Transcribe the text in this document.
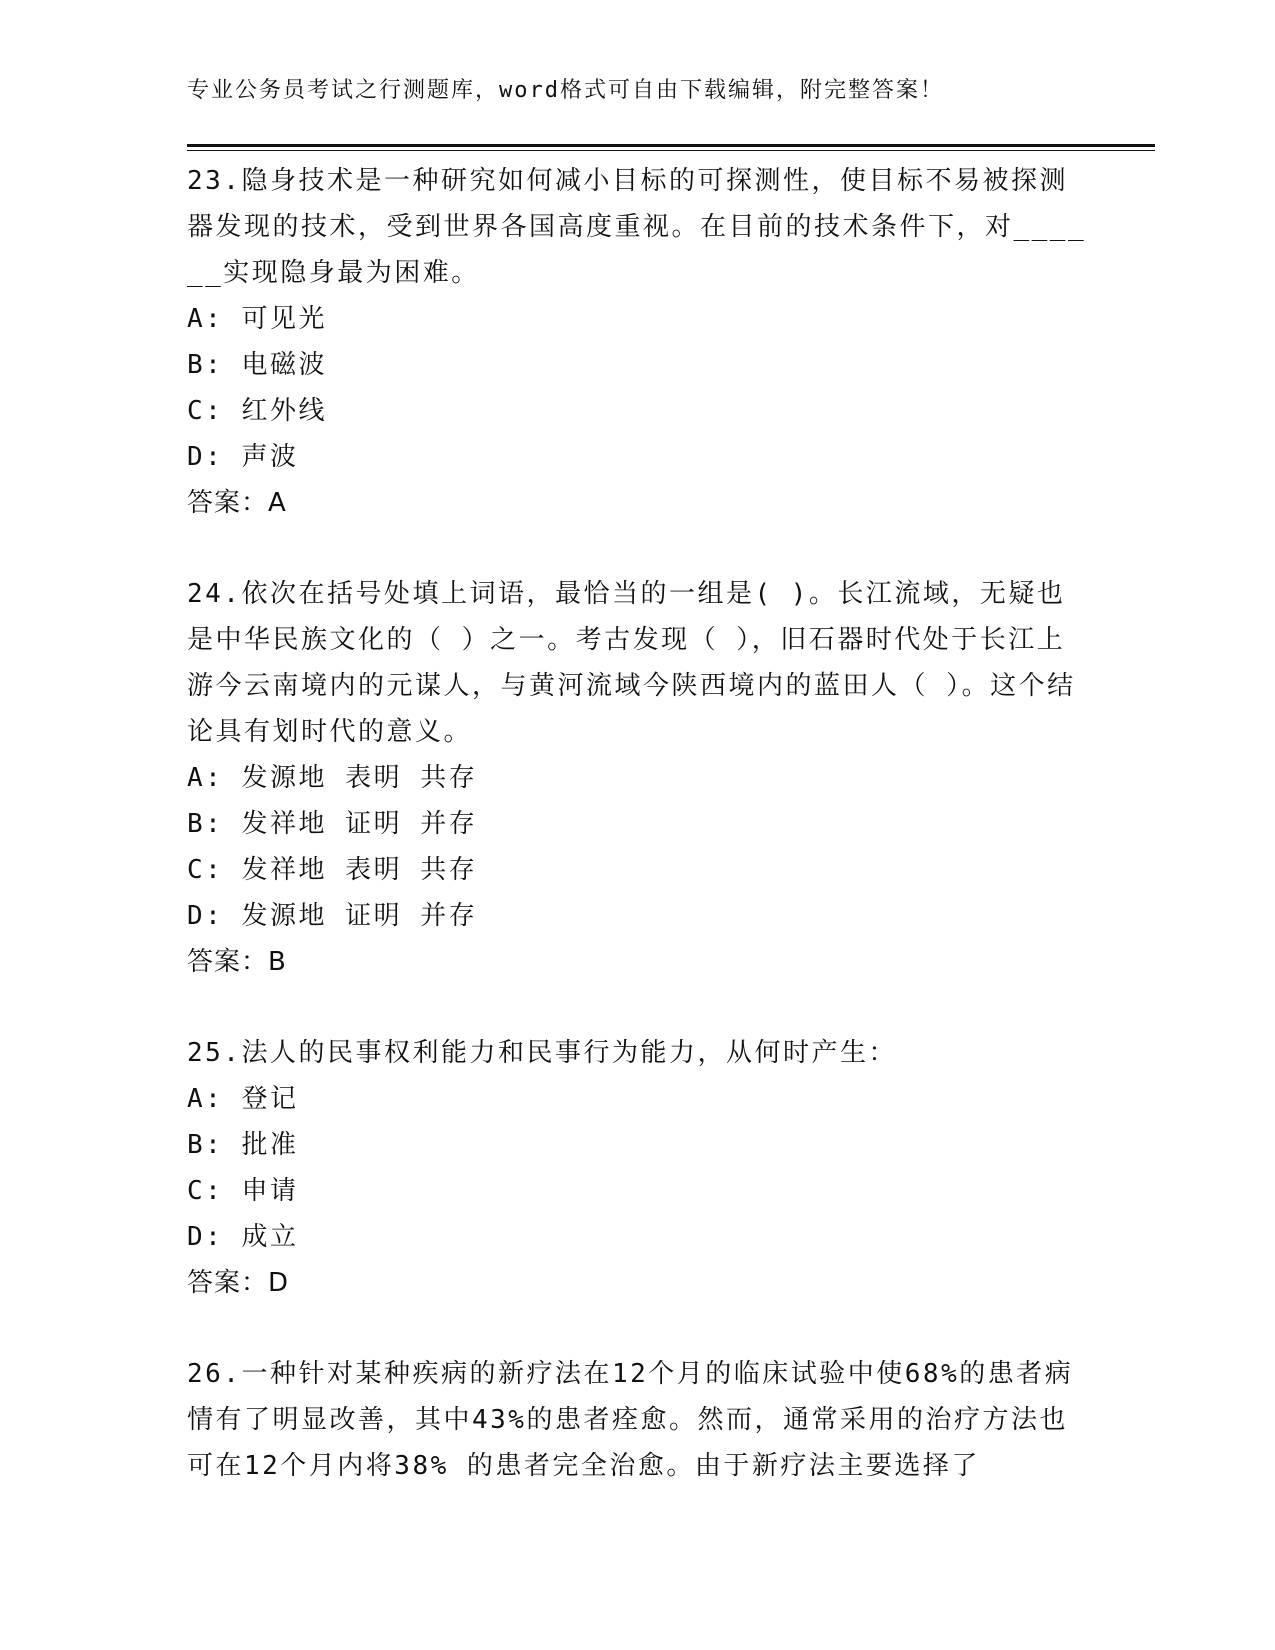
专业公务员考试之行测题库，word格式可自由下载编辑，附完整答案！

23.隐身技术是一种研究如何减小目标的可探测性，使目标不易被探测器发现的技术，受到世界各国高度重视。在目前的技术条件下，对______实现隐身最为困难。

A: 可见光
B: 电磁波
C: 红外线
D: 声波

答案：A

24.依次在括号处填上词语，最恰当的一组是( )。长江流域，无疑也是中华民族文化的（ ）之一。考古发现（ ），旧石器时代处于长江上游今云南境内的元谋人，与黄河流域今陕西境内的蓝田人（ ）。这个结论具有划时代的意义。

A: 发源地 表明 共存
B: 发祥地 证明 并存
C: 发祥地 表明 共存
D: 发源地 证明 并存

答案：B

25.法人的民事权利能力和民事行为能力，从何时产生：

A: 登记
B: 批准
C: 申请
D: 成立

答案：D

26.一种针对某种疾病的新疗法在12个月的临床试验中使68%的患者病情有了明显改善，其中43%的患者痊愈。然而，通常采用的治疗方法也可在12个月内将38% 的患者完全治愈。由于新疗法主要选择了
